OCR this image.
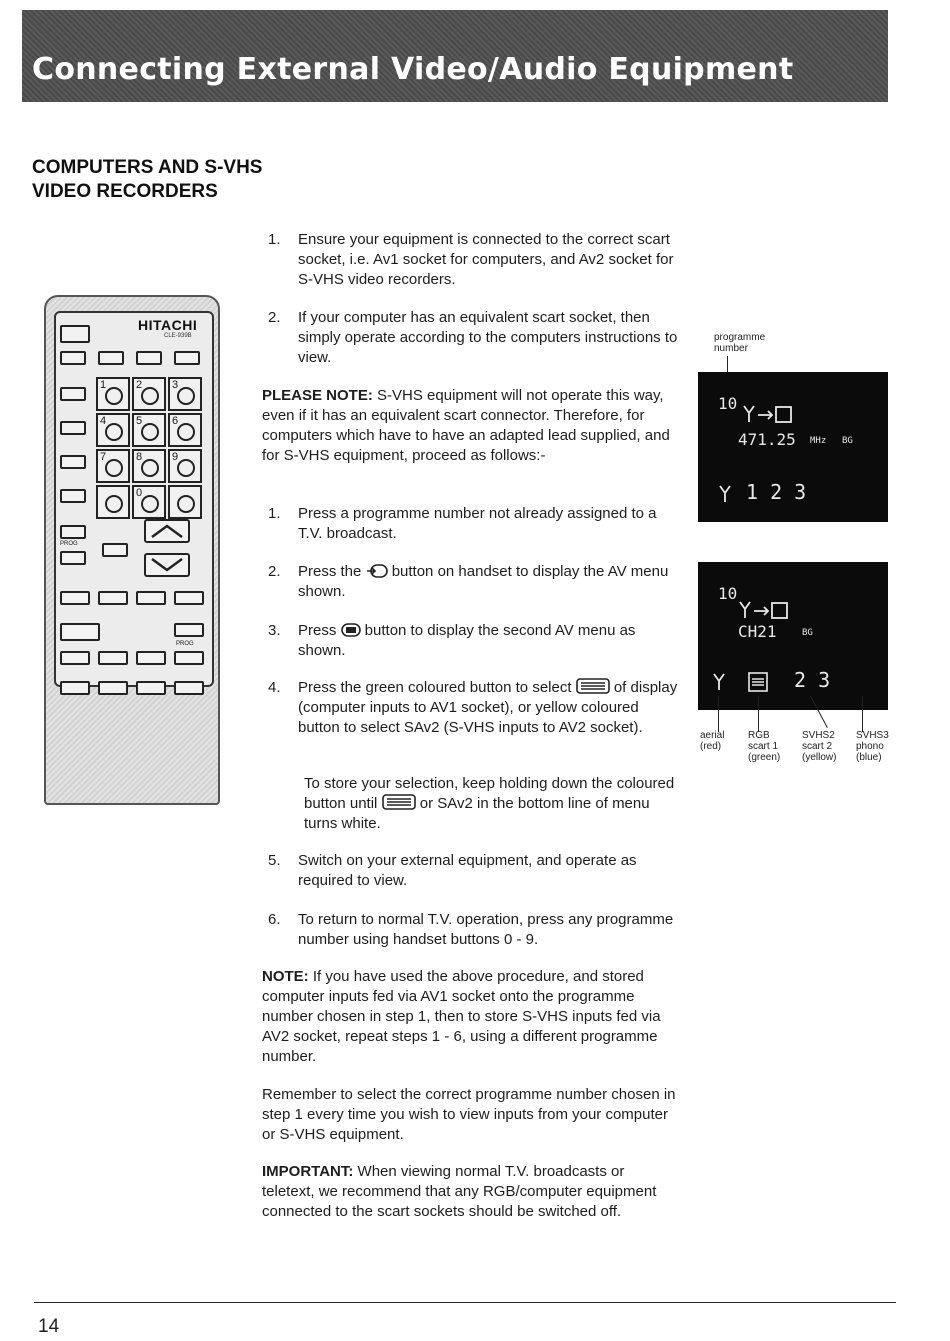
Connecting External Video/Audio Equipment
COMPUTERS AND S-VHS VIDEO RECORDERS
HITACHI
CLE-939B
1	2	3
4	5	6
7	8	9
0
PROG
PROG
1. Ensure your equipment is connected to the correct scart socket, i.e. Av1 socket for computers, and Av2 socket for S-VHS video recorders.
2. If your computer has an equivalent scart socket, then simply operate according to the computers instructions to view.
PLEASE NOTE: S-VHS equipment will not operate this way, even if it has an equivalent scart connector. Therefore, for computers which have to have an adapted lead supplied, and for S-VHS equipment, proceed as follows:-
1. Press a programme number not already assigned to a T.V. broadcast.
2. Press the  button on handset to display the AV menu shown.
3. Press  button to display the second AV menu as shown.
4. Press the green coloured button to select  of display (computer inputs to AV1 socket), or yellow coloured button to select SAv2 (S-VHS inputs to AV2 socket).
To store your selection, keep holding down the coloured button until  or SAv2 in the bottom line of menu turns white.
5. Switch on your external equipment, and operate as required to view.
6. To return to normal T.V. operation, press any programme number using handset buttons 0 - 9.
NOTE: If you have used the above procedure, and stored computer inputs fed via AV1 socket onto the programme number chosen in step 1, then to store S-VHS inputs fed via AV2 socket, repeat steps 1 - 6, using a different programme number.
Remember to select the correct programme number chosen in step 1 every time you wish to view inputs from your computer or S-VHS equipment.
IMPORTANT: When viewing normal T.V. broadcasts or teletext, we recommend that any RGB/computer equipment connected to the scart sockets should be switched off.
programme number
10
471.25 MHz BG
1 2 3
10
CH21	BG
2 3
aerial
(red)
RGB
scart 1
(green)
SVHS2
scart 2
(yellow)
SVHS3
phono
(blue)
14
